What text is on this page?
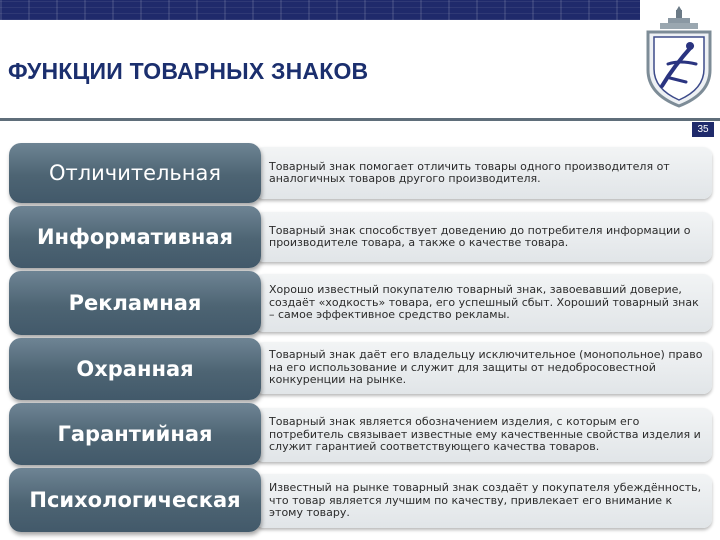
ФУНКЦИИ ТОВАРНЫХ ЗНАКОВ
35
Товарный знак помогает отличить товары одного производителя от аналогичных товаров другого производителя.
Отличительная
Товарный знак способствует доведению до потребителя информации о производителе товара, а также о качестве товара.
Информативная
Хорошо известный покупателю товарный знак, завоевавший доверие, создаёт «ходкость» товара, его успешный сбыт. Хороший товарный знак – самое эффективное средство рекламы.
Рекламная
Товарный знак даёт его владельцу исключительное (монопольное) право на его использование и служит для защиты от недобросовестной конкуренции на рынке.
Охранная
Товарный знак является обозначением изделия, с которым его потребитель связывает известные ему качественные свойства изделия и служит гарантией соответствующего качества товаров.
Гарантийная
Известный на рынке товарный знак создаёт у покупателя убеждённость, что товар является лучшим по качеству, привлекает его внимание к этому товару.
Психологическая
